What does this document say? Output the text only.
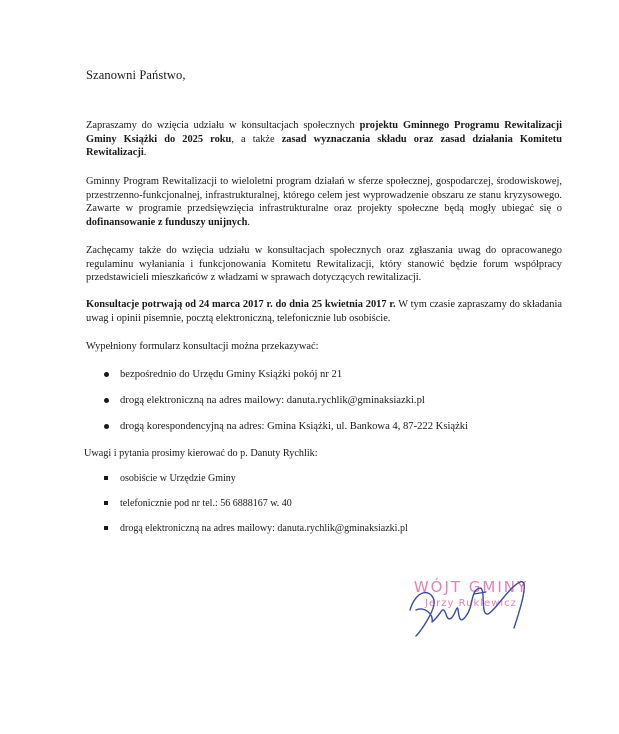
Szanowni Państwo,

Zapraszamy do wzięcia udziału w konsultacjach społecznych projektu Gminnego Programu Rewitalizacji Gminy Książki do 2025 roku, a także zasad wyznaczania składu oraz zasad działania Komitetu Rewitalizacji.

Gminny Program Rewitalizacji to wieloletni program działań w sferze społecznej, gospodarczej, środowiskowej, przestrzenno-funkcjonalnej, infrastrukturalnej, którego celem jest wyprowadzenie obszaru ze stanu kryzysowego. Zawarte w programie przedsięwzięcia infrastrukturalne oraz projekty społeczne będą mogły ubiegać się o dofinansowanie z funduszy unijnych.

Zachęcamy także do wzięcia udziału w konsultacjach społecznych oraz zgłaszania uwag do opracowanego regulaminu wyłaniania i funkcjonowania Komitetu Rewitalizacji, który stanowić będzie forum współpracy przedstawicieli mieszkańców z władzami w sprawach dotyczących rewitalizacji.

Konsultacje potrwają od 24 marca 2017 r. do dnia 25 kwietnia 2017 r. W tym czasie zapraszamy do składania uwag i opinii pisemnie, pocztą elektroniczną, telefonicznie lub osobiście.

Wypełniony formularz konsultacji można przekazywać:

bezpośrednio do Urzędu Gminy Książki pokój nr 21
drogą elektroniczną na adres mailowy: danuta.rychlik@gminaksiazki.pl
drogą korespondencyjną na adres: Gmina Książki, ul. Bankowa 4, 87-222 Książki
Uwagi i pytania prosimy kierować do p. Danuty Rychlik:
osobiście w Urzędzie Gminy
telefonicznie pod nr tel.: 56 6888167 w. 40
drogą elektroniczną na adres mailowy: danuta.rychlik@gminaksiazki.pl
WÓJT GMINY
Jerzy Ruklewicz
